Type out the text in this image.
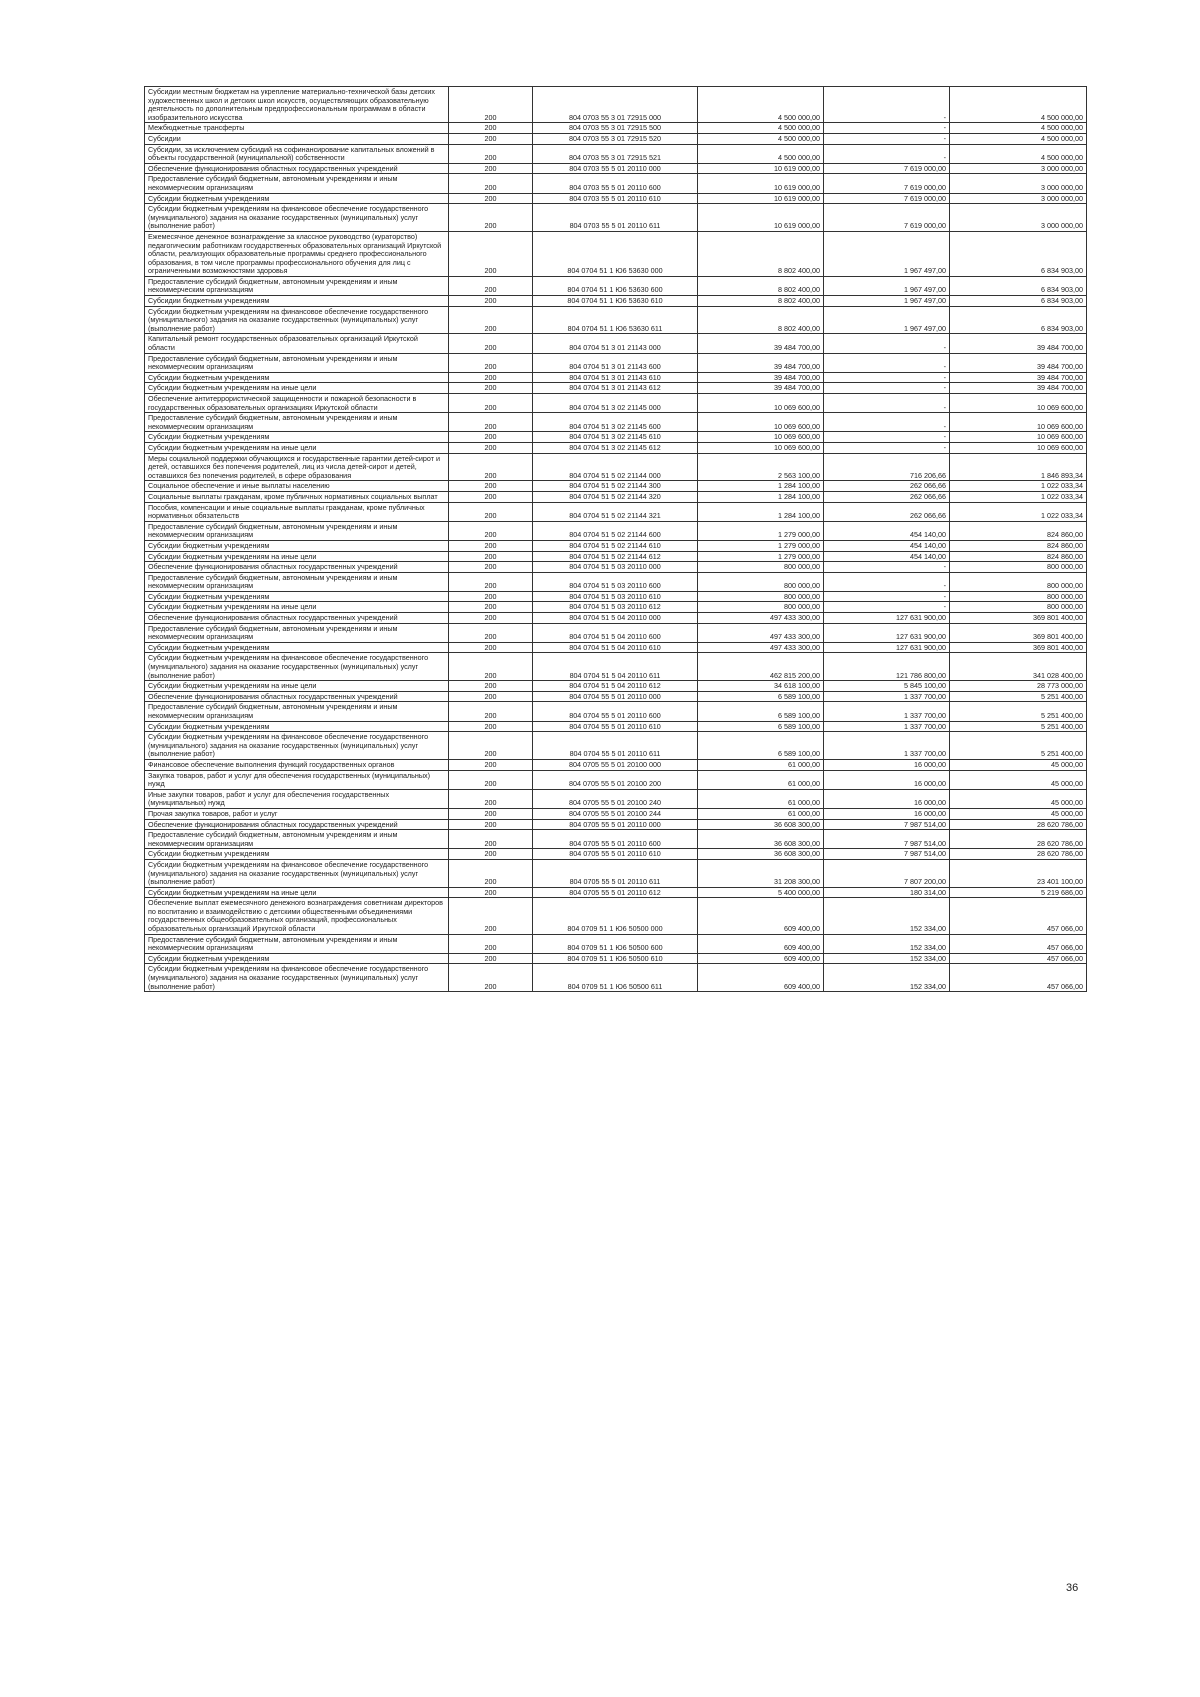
Субсидии местным бюджетам на укрепление материально-технической базы детских художественных школ и детских школ искусств, осуществляющих образовательную деятельность по дополнительным предпрофессиональным программам в области изобразительного искусства	200	804 0703 55 3 01 72915 000	4 500 000,00	-	4 500 000,00
Межбюджетные трансферты	200	804 0703 55 3 01 72915 500	4 500 000,00	-	4 500 000,00
Субсидии	200	804 0703 55 3 01 72915 520	4 500 000,00	-	4 500 000,00
Субсидии, за исключением субсидий на софинансирование капитальных вложений в объекты государственной (муниципальной) собственности	200	804 0703 55 3 01 72915 521	4 500 000,00	-	4 500 000,00
Обеспечение функционирования областных государственных учреждений	200	804 0703 55 5 01 20110 000	10 619 000,00	7 619 000,00	3 000 000,00
Предоставление субсидий бюджетным, автономным учреждениям и иным некоммерческим организациям	200	804 0703 55 5 01 20110 600	10 619 000,00	7 619 000,00	3 000 000,00
Субсидии бюджетным учреждениям	200	804 0703 55 5 01 20110 610	10 619 000,00	7 619 000,00	3 000 000,00
Субсидии бюджетным учреждениям на финансовое обеспечение государственного (муниципального) задания на оказание государственных (муниципальных) услуг (выполнение работ)	200	804 0703 55 5 01 20110 611	10 619 000,00	7 619 000,00	3 000 000,00
Ежемесячное денежное вознаграждение за классное руководство (кураторство) педагогическим работникам государственных образовательных организаций Иркутской области, реализующих образовательные программы среднего профессионального образования, в том числе программы профессионального обучения для лиц с ограниченными возможностями здоровья	200	804 0704 51 1 Ю6 53630 000	8 802 400,00	1 967 497,00	6 834 903,00
Предоставление субсидий бюджетным, автономным учреждениям и иным некоммерческим организациям	200	804 0704 51 1 Ю6 53630 600	8 802 400,00	1 967 497,00	6 834 903,00
Субсидии бюджетным учреждениям	200	804 0704 51 1 Ю6 53630 610	8 802 400,00	1 967 497,00	6 834 903,00
Субсидии бюджетным учреждениям на финансовое обеспечение государственного (муниципального) задания на оказание государственных (муниципальных) услуг (выполнение работ)	200	804 0704 51 1 Ю6 53630 611	8 802 400,00	1 967 497,00	6 834 903,00
Капитальный ремонт государственных образовательных организаций Иркутской области	200	804 0704 51 3 01 21143 000	39 484 700,00	-	39 484 700,00
Предоставление субсидий бюджетным, автономным учреждениям и иным некоммерческим организациям	200	804 0704 51 3 01 21143 600	39 484 700,00	-	39 484 700,00
Субсидии бюджетным учреждениям	200	804 0704 51 3 01 21143 610	39 484 700,00	-	39 484 700,00
Субсидии бюджетным учреждениям на иные цели	200	804 0704 51 3 01 21143 612	39 484 700,00	-	39 484 700,00
Обеспечение антитеррористической защищенности и пожарной безопасности в государственных образовательных организациях Иркутской области	200	804 0704 51 3 02 21145 000	10 069 600,00	-	10 069 600,00
Предоставление субсидий бюджетным, автономным учреждениям и иным некоммерческим организациям	200	804 0704 51 3 02 21145 600	10 069 600,00	-	10 069 600,00
Субсидии бюджетным учреждениям	200	804 0704 51 3 02 21145 610	10 069 600,00	-	10 069 600,00
Субсидии бюджетным учреждениям на иные цели	200	804 0704 51 3 02 21145 612	10 069 600,00	-	10 069 600,00
Меры социальной поддержки обучающихся и государственные гарантии детей-сирот и детей, оставшихся без попечения родителей, лиц из числа детей-сирот и детей, оставшихся без попечения родителей, в сфере образования	200	804 0704 51 5 02 21144 000	2 563 100,00	716 206,66	1 846 893,34
Социальное обеспечение и иные выплаты населению	200	804 0704 51 5 02 21144 300	1 284 100,00	262 066,66	1 022 033,34
Социальные выплаты гражданам, кроме публичных нормативных социальных выплат	200	804 0704 51 5 02 21144 320	1 284 100,00	262 066,66	1 022 033,34
Пособия, компенсации и иные социальные выплаты гражданам, кроме публичных нормативных обязательств	200	804 0704 51 5 02 21144 321	1 284 100,00	262 066,66	1 022 033,34
Предоставление субсидий бюджетным, автономным учреждениям и иным некоммерческим организациям	200	804 0704 51 5 02 21144 600	1 279 000,00	454 140,00	824 860,00
Субсидии бюджетным учреждениям	200	804 0704 51 5 02 21144 610	1 279 000,00	454 140,00	824 860,00
Субсидии бюджетным учреждениям на иные цели	200	804 0704 51 5 02 21144 612	1 279 000,00	454 140,00	824 860,00
Обеспечение функционирования областных государственных учреждений	200	804 0704 51 5 03 20110 000	800 000,00	-	800 000,00
Предоставление субсидий бюджетным, автономным учреждениям и иным некоммерческим организациям	200	804 0704 51 5 03 20110 600	800 000,00	-	800 000,00
Субсидии бюджетным учреждениям	200	804 0704 51 5 03 20110 610	800 000,00	-	800 000,00
Субсидии бюджетным учреждениям на иные цели	200	804 0704 51 5 03 20110 612	800 000,00	-	800 000,00
Обеспечение функционирования областных государственных учреждений	200	804 0704 51 5 04 20110 000	497 433 300,00	127 631 900,00	369 801 400,00
Предоставление субсидий бюджетным, автономным учреждениям и иным некоммерческим организациям	200	804 0704 51 5 04 20110 600	497 433 300,00	127 631 900,00	369 801 400,00
Субсидии бюджетным учреждениям	200	804 0704 51 5 04 20110 610	497 433 300,00	127 631 900,00	369 801 400,00
Субсидии бюджетным учреждениям на финансовое обеспечение государственного (муниципального) задания на оказание государственных (муниципальных) услуг (выполнение работ)	200	804 0704 51 5 04 20110 611	462 815 200,00	121 786 800,00	341 028 400,00
Субсидии бюджетным учреждениям на иные цели	200	804 0704 51 5 04 20110 612	34 618 100,00	5 845 100,00	28 773 000,00
Обеспечение функционирования областных государственных учреждений	200	804 0704 55 5 01 20110 000	6 589 100,00	1 337 700,00	5 251 400,00
Предоставление субсидий бюджетным, автономным учреждениям и иным некоммерческим организациям	200	804 0704 55 5 01 20110 600	6 589 100,00	1 337 700,00	5 251 400,00
Субсидии бюджетным учреждениям	200	804 0704 55 5 01 20110 610	6 589 100,00	1 337 700,00	5 251 400,00
Субсидии бюджетным учреждениям на финансовое обеспечение государственного (муниципального) задания на оказание государственных (муниципальных) услуг (выполнение работ)	200	804 0704 55 5 01 20110 611	6 589 100,00	1 337 700,00	5 251 400,00
Финансовое обеспечение выполнения функций государственных органов	200	804 0705 55 5 01 20100 000	61 000,00	16 000,00	45 000,00
Закупка товаров, работ и услуг для обеспечения государственных (муниципальных) нужд	200	804 0705 55 5 01 20100 200	61 000,00	16 000,00	45 000,00
Иные закупки товаров, работ и услуг для обеспечения государственных (муниципальных) нужд	200	804 0705 55 5 01 20100 240	61 000,00	16 000,00	45 000,00
Прочая закупка товаров, работ и услуг	200	804 0705 55 5 01 20100 244	61 000,00	16 000,00	45 000,00
Обеспечение функционирования областных государственных учреждений	200	804 0705 55 5 01 20110 000	36 608 300,00	7 987 514,00	28 620 786,00
Предоставление субсидий бюджетным, автономным учреждениям и иным некоммерческим организациям	200	804 0705 55 5 01 20110 600	36 608 300,00	7 987 514,00	28 620 786,00
Субсидии бюджетным учреждениям	200	804 0705 55 5 01 20110 610	36 608 300,00	7 987 514,00	28 620 786,00
Субсидии бюджетным учреждениям на финансовое обеспечение государственного (муниципального) задания на оказание государственных (муниципальных) услуг (выполнение работ)	200	804 0705 55 5 01 20110 611	31 208 300,00	7 807 200,00	23 401 100,00
Субсидии бюджетным учреждениям на иные цели	200	804 0705 55 5 01 20110 612	5 400 000,00	180 314,00	5 219 686,00
Обеспечение выплат ежемесячного денежного вознаграждения советникам директоров по воспитанию и взаимодействию с детскими общественными объединениями государственных общеобразовательных организаций, профессиональных образовательных организаций Иркутской области	200	804 0709 51 1 Ю6 50500 000	609 400,00	152 334,00	457 066,00
Предоставление субсидий бюджетным, автономным учреждениям и иным некоммерческим организациям	200	804 0709 51 1 Ю6 50500 600	609 400,00	152 334,00	457 066,00
Субсидии бюджетным учреждениям	200	804 0709 51 1 Ю6 50500 610	609 400,00	152 334,00	457 066,00
Субсидии бюджетным учреждениям на финансовое обеспечение государственного (муниципального) задания на оказание государственных (муниципальных) услуг (выполнение работ)	200	804 0709 51 1 Ю6 50500 611	609 400,00	152 334,00	457 066,00
36
